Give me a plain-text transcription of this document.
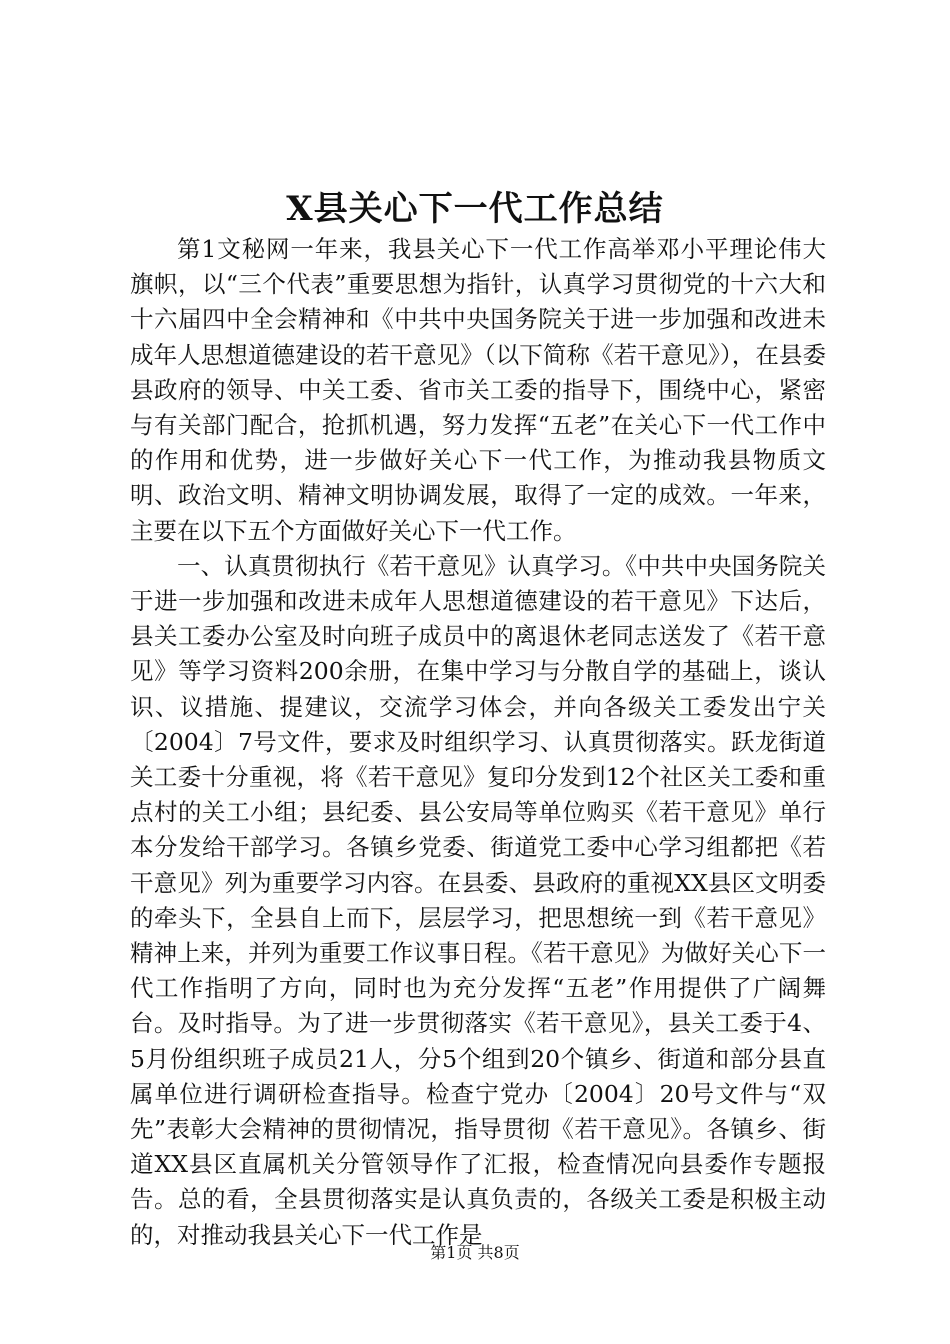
X县关心下一代工作总结

第1文秘网一年来，我县关心下一代工作高举邓小平理论伟大旗帜，以“三个代表”重要思想为指针，认真学习贯彻党的十六大和十六届四中全会精神和《中共中央国务院关于进一步加强和改进未成年人思想道德建设的若干意见》（以下简称《若干意见》），在县委县政府的领导、中关工委、省市关工委的指导下，围绕中心，紧密与有关部门配合，抢抓机遇，努力发挥“五老”在关心下一代工作中的作用和优势，进一步做好关心下一代工作，为推动我县物质文明、政治文明、精神文明协调发展，取得了一定的成效。一年来，主要在以下五个方面做好关心下一代工作。

一、认真贯彻执行《若干意见》认真学习。《中共中央国务院关于进一步加强和改进未成年人思想道德建设的若干意见》下达后，县关工委办公室及时向班子成员中的离退休老同志送发了《若干意见》等学习资料200余册，在集中学习与分散自学的基础上，谈认识、议措施、提建议，交流学习体会，并向各级关工委发出宁关〔2004〕7号文件，要求及时组织学习、认真贯彻落实。跃龙街道关工委十分重视，将《若干意见》复印分发到12个社区关工委和重点村的关工小组；县纪委、县公安局等单位购买《若干意见》单行本分发给干部学习。各镇乡党委、街道党工委中心学习组都把《若干意见》列为重要学习内容。在县委、县政府的重视XX县区文明委的牵头下，全县自上而下，层层学习，把思想统一到《若干意见》精神上来，并列为重要工作议事日程。《若干意见》为做好关心下一代工作指明了方向，同时也为充分发挥“五老”作用提供了广阔舞台。及时指导。为了进一步贯彻落实《若干意见》，县关工委于4、5月份组织班子成员21人，分5个组到20个镇乡、街道和部分县直属单位进行调研检查指导。检查宁党办〔2004〕20号文件与“双先”表彰大会精神的贯彻情况，指导贯彻《若干意见》。各镇乡、街道XX县区直属机关分管领导作了汇报，检查情况向县委作专题报告。总的看，全县贯彻落实是认真负责的，各级关工委是积极主动的，对推动我县关心下一代工作是

第1页 共8页
